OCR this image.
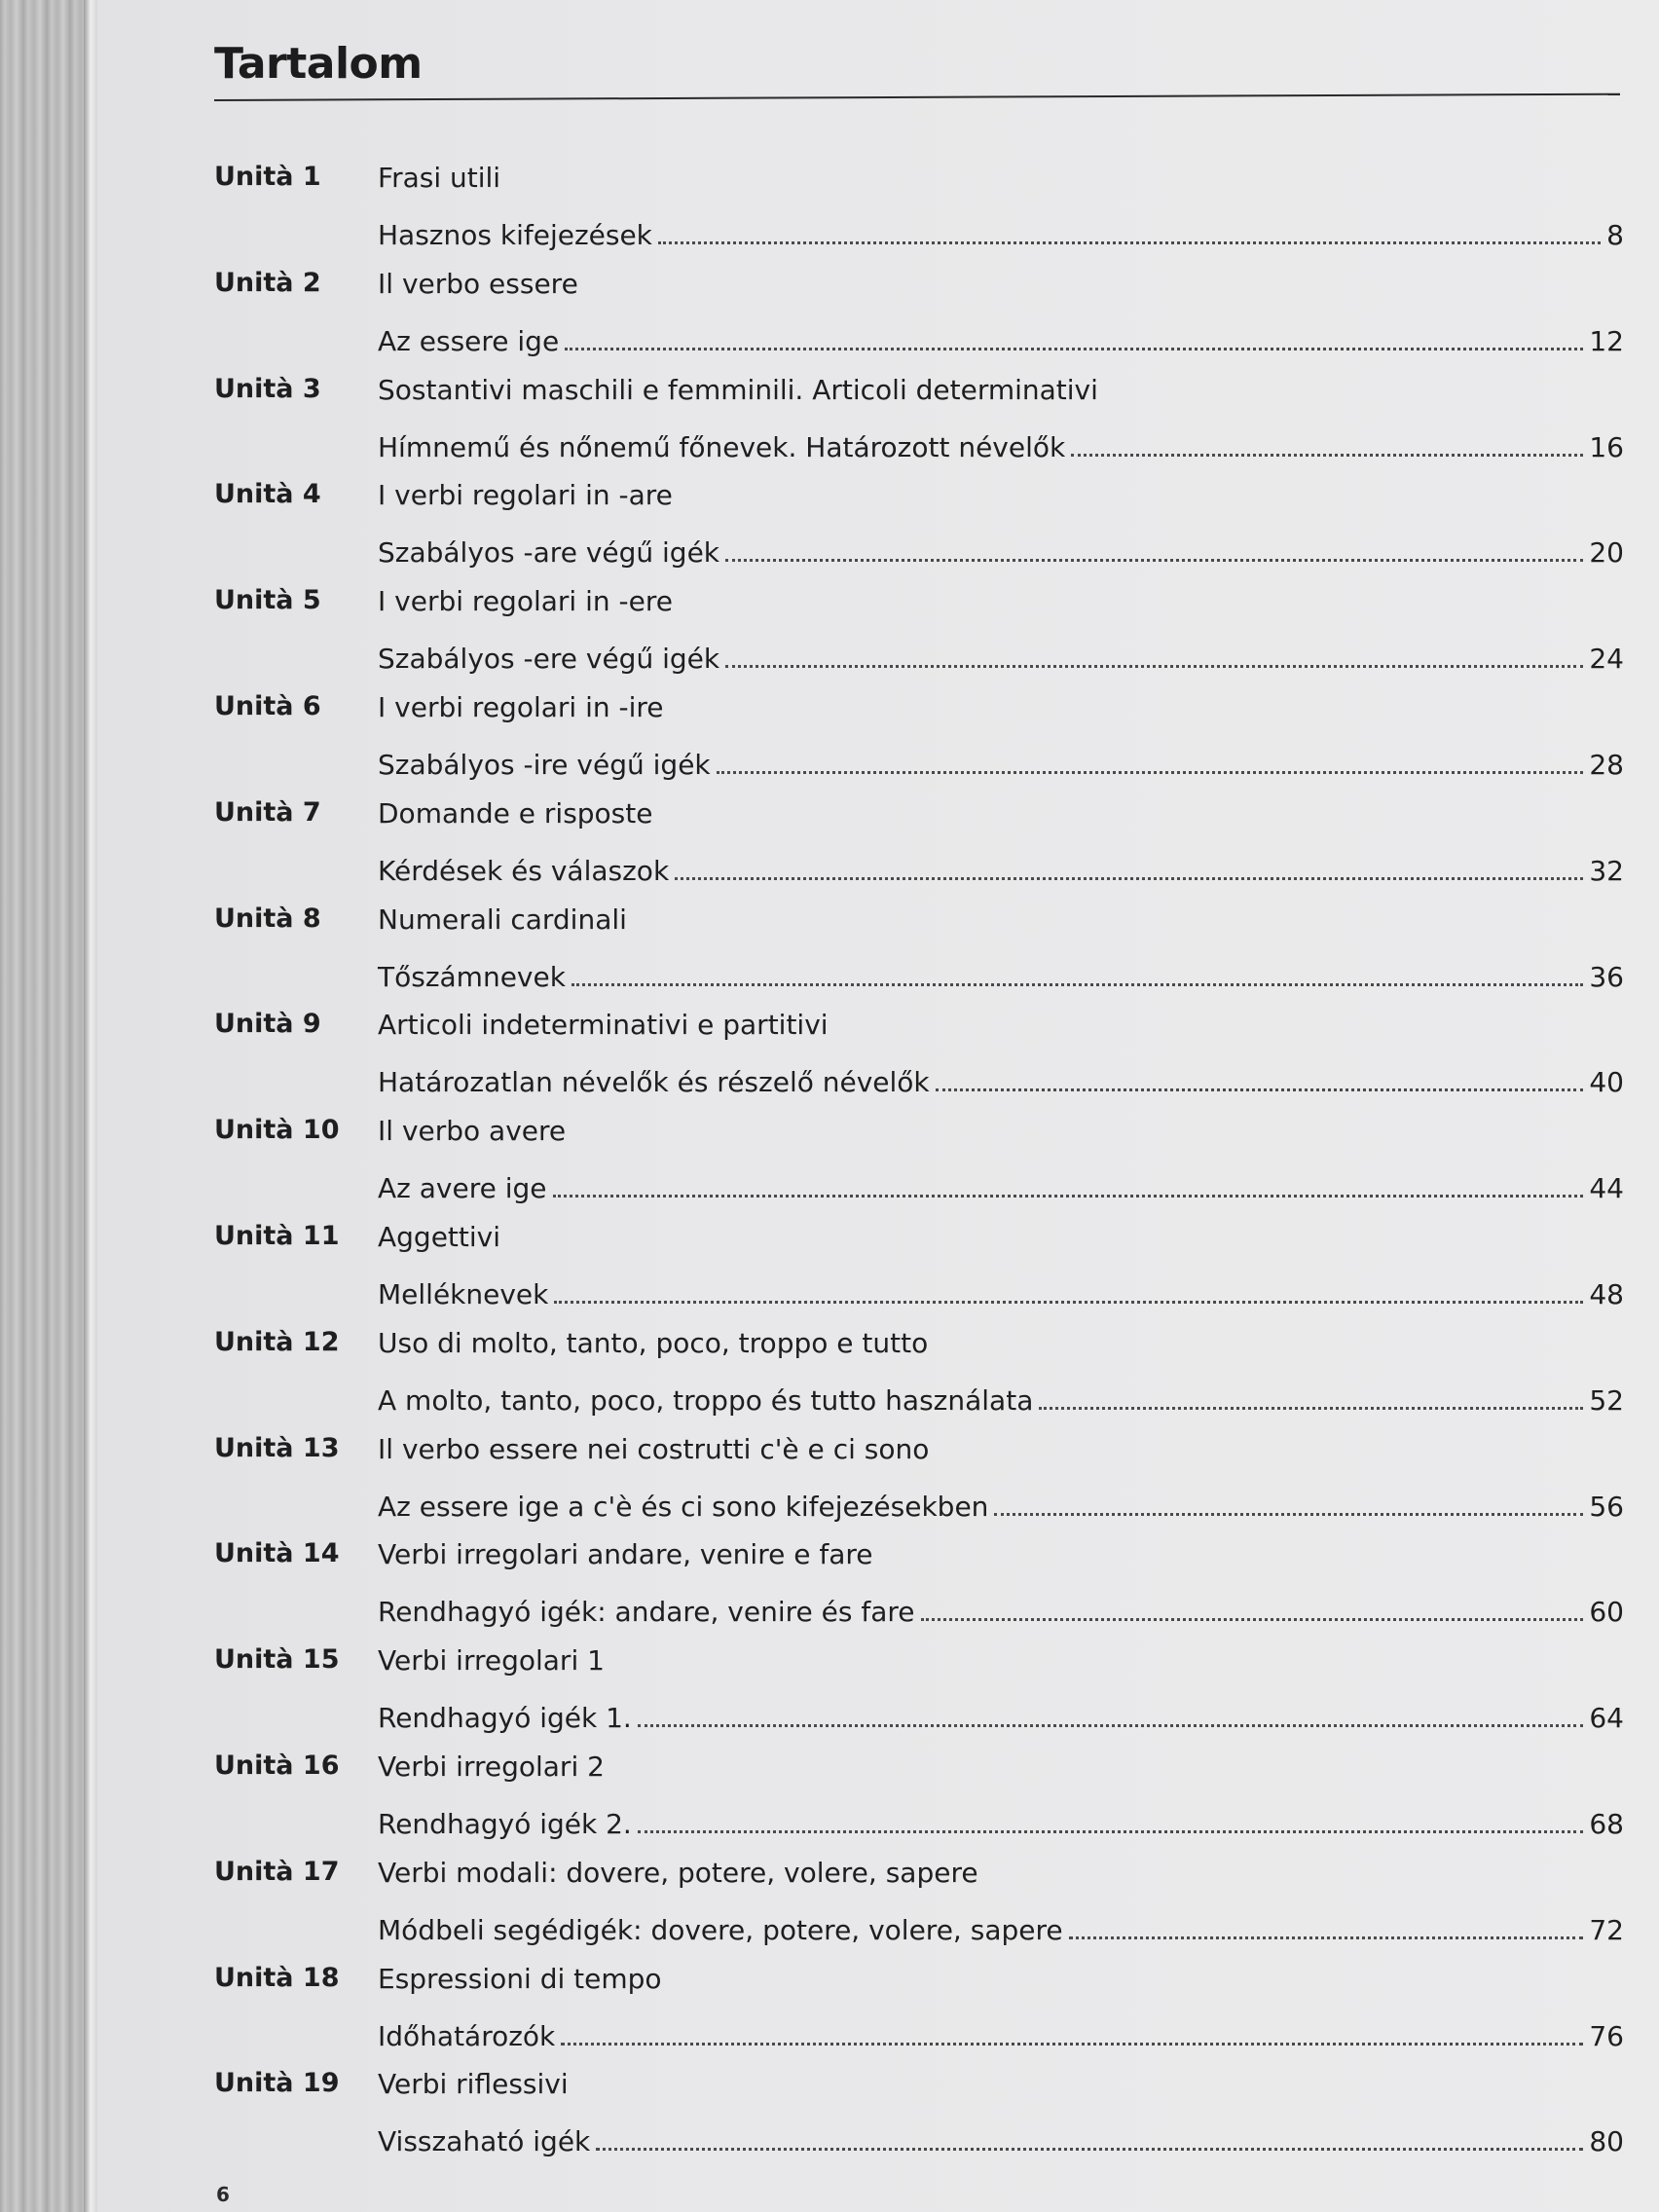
Tartalom
Unità 1	Frasi utili
Hasznos kifejezések	8
Unità 2	Il verbo essere
Az essere ige	12
Unità 3	Sostantivi maschili e femminili. Articoli determinativi
Hímnemű és nőnemű főnevek. Határozott névelők	16
Unità 4	I verbi regolari in -are
Szabályos -are végű igék	20
Unità 5	I verbi regolari in -ere
Szabályos -ere végű igék	24
Unità 6	I verbi regolari in -ire
Szabályos -ire végű igék	28
Unità 7	Domande e risposte
Kérdések és válaszok	32
Unità 8	Numerali cardinali
Tőszámnevek	36
Unità 9	Articoli indeterminativi e partitivi
Határozatlan névelők és részelő névelők	40
Unità 10	Il verbo avere
Az avere ige	44
Unità 11	Aggettivi
Melléknevek	48
Unità 12	Uso di molto, tanto, poco, troppo e tutto
A molto, tanto, poco, troppo és tutto használata	52
Unità 13	Il verbo essere nei costrutti c'è e ci sono
Az essere ige a c'è és ci sono kifejezésekben	56
Unità 14	Verbi irregolari andare, venire e fare
Rendhagyó igék: andare, venire és fare	60
Unità 15	Verbi irregolari 1
Rendhagyó igék 1.	64
Unità 16	Verbi irregolari 2
Rendhagyó igék 2.	68
Unità 17	Verbi modali: dovere, potere, volere, sapere
Módbeli segédigék: dovere, potere, volere, sapere	72
Unità 18	Espressioni di tempo
Időhatározók	76
Unità 19	Verbi riflessivi
Visszaható igék	80
6
